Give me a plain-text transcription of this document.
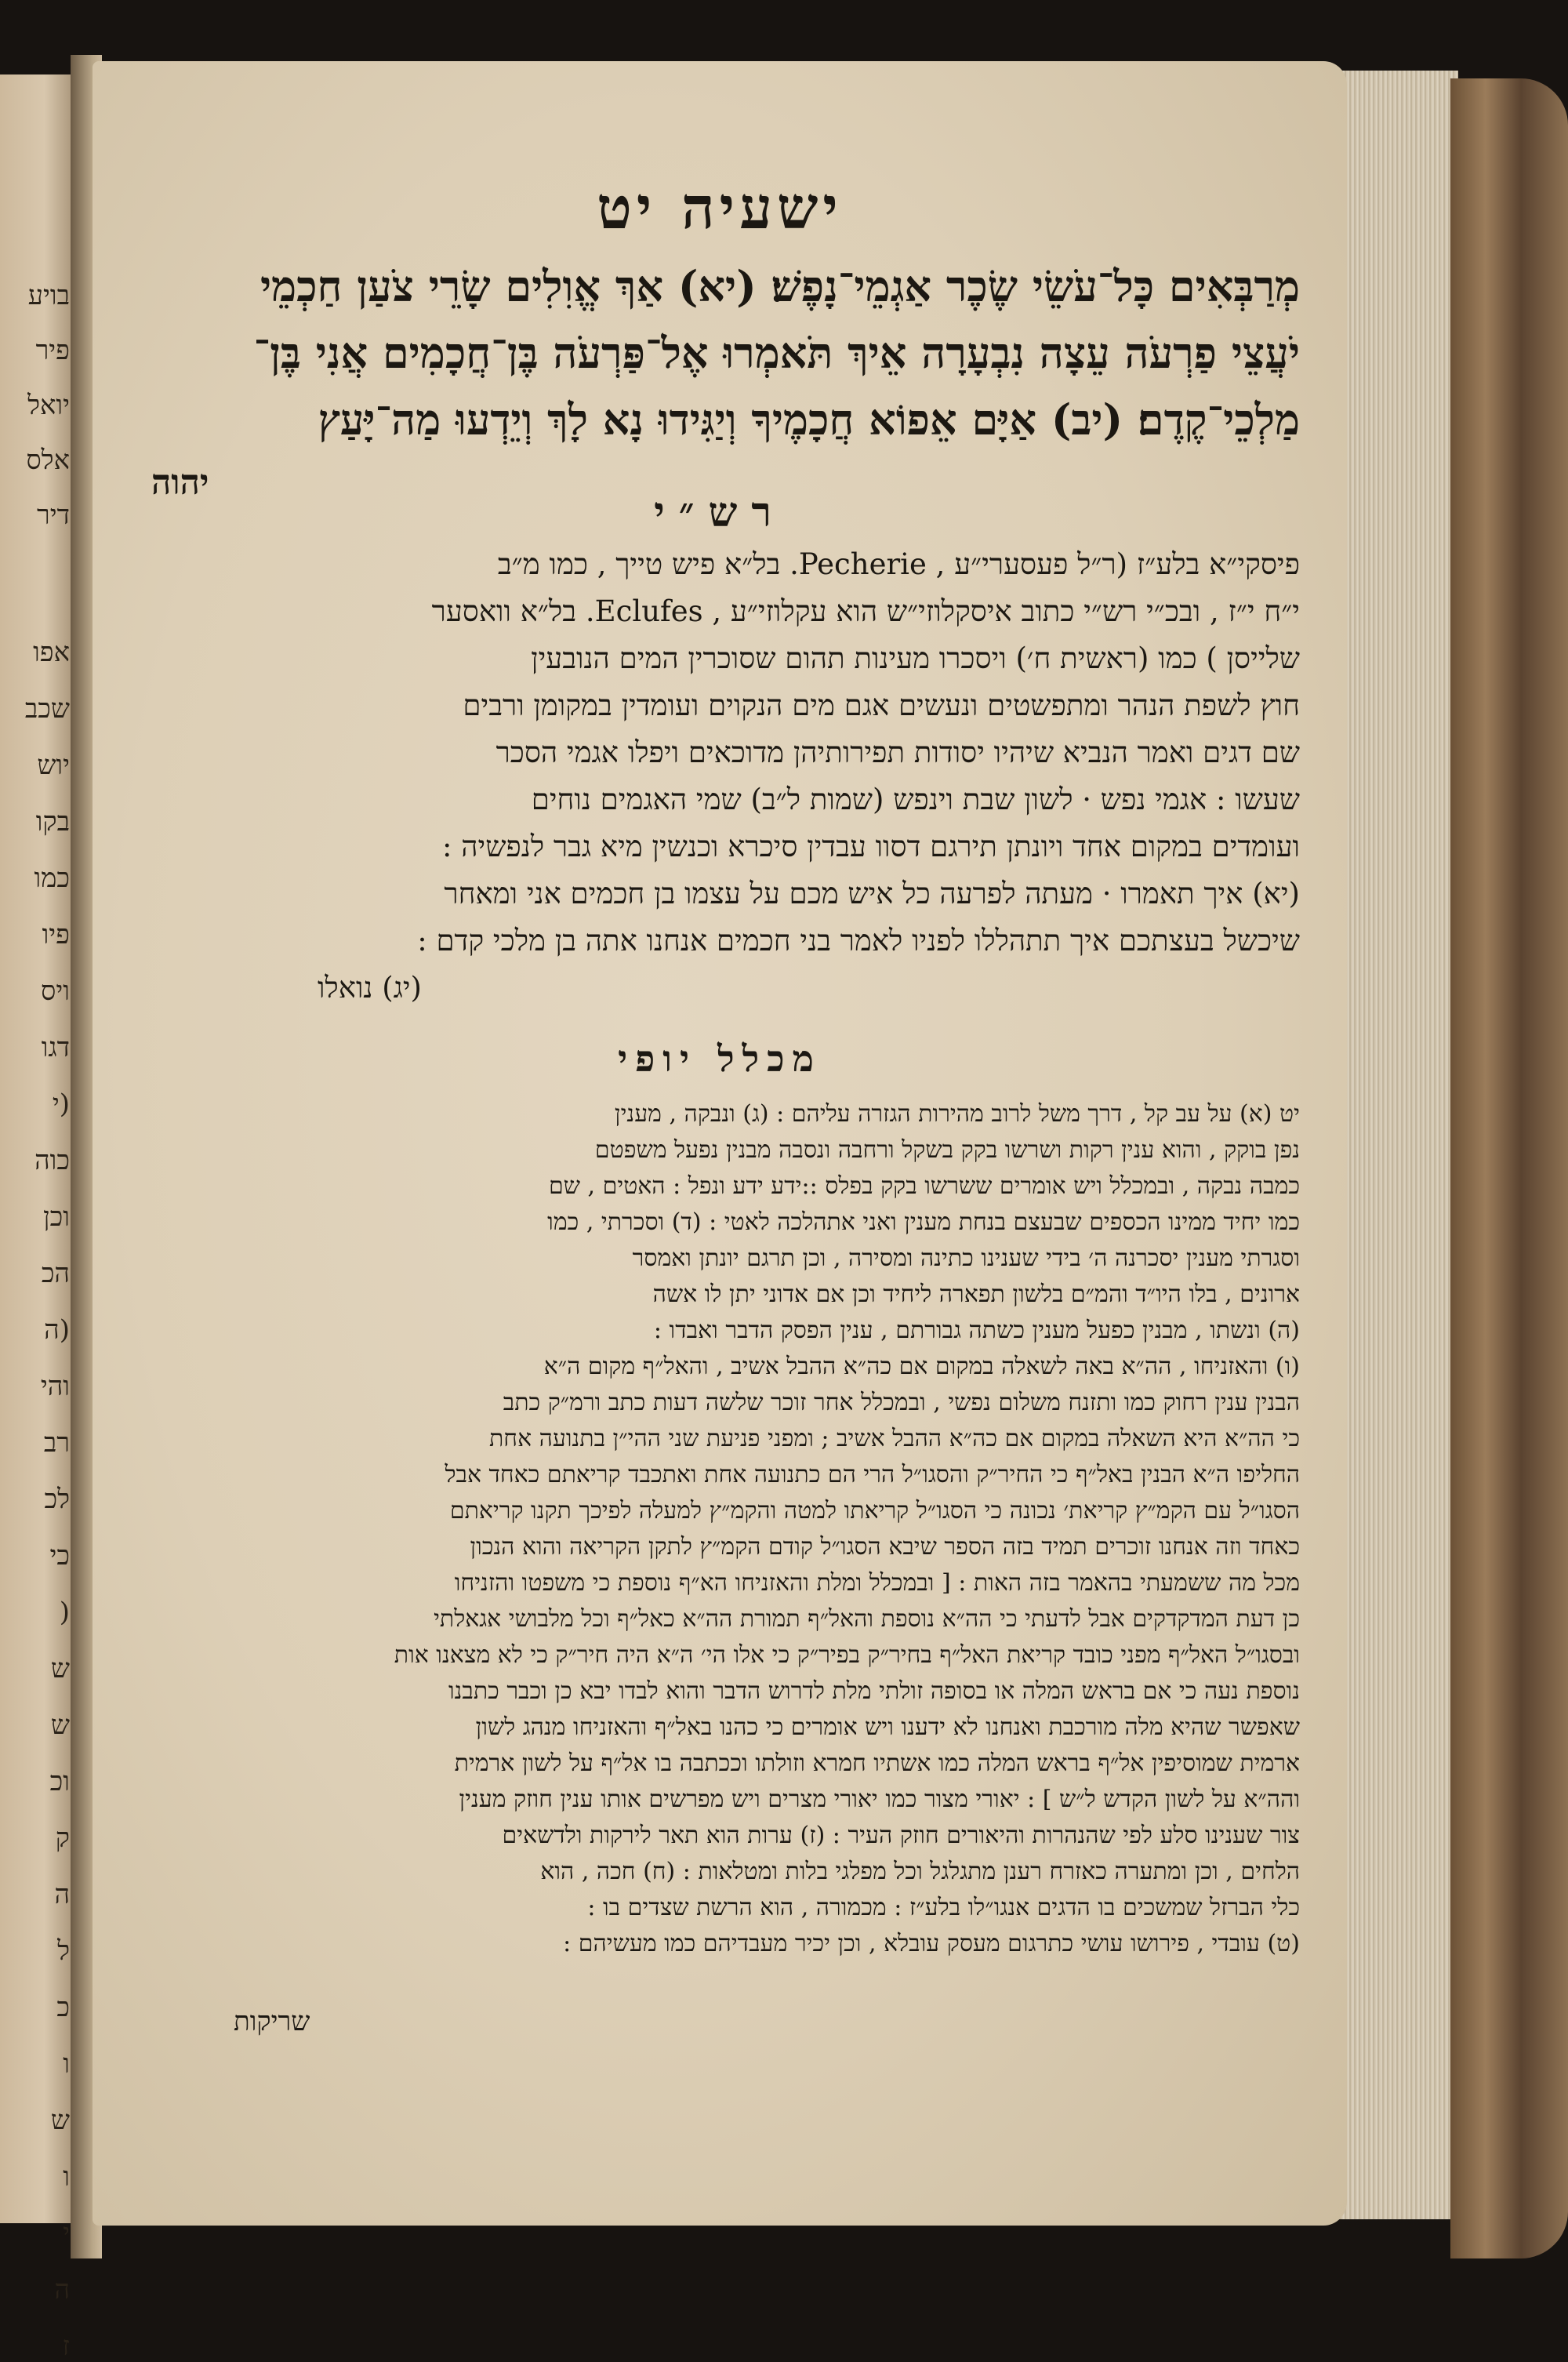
בויע
פיר
יואל
אלס
דיר
אפו
שכב
יוש
בקו
כמו
פיו
ויס
דגו
(י
כוה
וכן
הכ
(ה
והי
רב
לכ
כי
(
ש
ש
וכ
ק
ה
ל
כ
ו
ש
ו
י
ה
ז
ישעיה יט
מְרַבְּאִים כָּל־עֹשֵׂי שֶׂכֶר אַגְמֵי־נָפֶשׁ׃ (יא) אַךְ אֱוִלִים שָׂרֵי צֹעַן חַכְמֵי
יֹעֲצֵי פַרְעֹה עֵצָה נִבְעָרָה אֵיךְ תֹּאמְרוּ אֶל־פַּרְעֹה בֶּן־חֲכָמִים אֲנִי בֶּן־
מַלְכֵי־קֶדֶם׃ (יב) אַיָּם אֵפוֹא חֲכָמֶיךָ וְיַגִּידוּ נָא לָךְ וְיֵדְעוּ מַה־יָּעַץ
יהוה
רש״י
פיסקי״א בלע״ז (ר״ל פעסערי״ע , Pecherie. בל״א פיש טייך , כמו מ״ב
י״ח י״ז , ובכ״י רש״י כתוב איסקלוזי״ש הוא עקלוזי״ע , Eclufes. בל״א וואסער
שלייסן ) כמו (ראשית ח׳) ויסכרו מעינות תהום שסוכרין המים הנובעין
חוץ לשפת הנהר ומתפשטים ונעשים אגם מים הנקוים ועומדין במקומן ורבים
שם דגים ואמר הנביא שיהיו יסודות תפירותיהן מדוכאים ויפלו אגמי הסכר
שעשו : אגמי נפש · לשון שבת וינפש (שמות ל״ב) שמי האגמים נוחים
ועומדים במקום אחד ויונתן תירגם דסוו עבדין סיכרא וכנשין מיא גבר לנפשיה :
(יא) איך תאמרו · מעתה לפרעה כל איש מכם על עצמו בן חכמים אני ומאחר
שיכשל בעצתכם איך תתהללו לפניו לאמר בני חכמים אנחנו אתה בן מלכי קדם :
(יג) נואלו
מכלל יופי
יט (א) על עב קל , דרך משל לרוב מהירות הגזרה עליהם : (ג) ונבקה , מענין
נפן בוקק , והוא ענין רקות ושרשו בקק בשקל ורחבה ונסבה מבנין נפעל משפטם
כמבה נבקה , ובמכלל ויש אומרים ששרשו בקק בפלס ::ידע ידע ונפל : האטים , שם
כמו יחיד ממינו הכספים שבעצם בנחת מענין ואני אתהלכה לאטי : (ד) וסכרתי , כמו
וסגרתי מענין יסכרנה ה׳ בידי שענינו כתינה ומסירה , וכן תרגם יונתן ואמסר
ארונים , בלו היו״ד והמ״ם בלשון תפארה ליחיד וכן אם אדוני יתן לו אשה
(ה) ונשתו , מבנין כפעל מענין כשתה גבורתם , ענין הפסק הדבר ואבדו :
(ו) והאזניחו , הה״א באה לשאלה במקום אם כה״א ההבל אשיב , והאל״ף מקום ה״א
הבנין ענין רחוק כמו ותזנח משלום נפשי , ובמכלל אחר זוכר שלשה דעות כתב ורמ״ק כתב
כי הה״א היא השאלה במקום אם כה״א ההבל אשיב ; ומפני פניעת שני ההי״ן בתנועה אחת
החליפו ה״א הבנין באל״ף כי החיר״ק והסגו״ל הרי הם כתנועה אחת ואתכבד קריאתם כאחד אבל
הסגו״ל עם הקמ״ץ קריאת׳ נכונה כי הסגו״ל קריאתו למטה והקמ״ץ למעלה לפיכך תקנו קריאתם
כאחד וזה אנחנו זוכרים תמיד בזה הספר שיבא הסגו״ל קודם הקמ״ץ לתקן הקריאה והוא הנכון
מכל מה ששמעתי בהאמר בזה האות : [ ובמכלל ומלת והאזניחו הא״ף נוספת כי משפטו והזניחו
כן דעת המדקדקים אבל לדעתי כי הה״א נוספת והאל״ף תמורת הה״א כאל״ף וכל מלבושי אגאלתי
ובסגו״ל האל״ף מפני כובד קריאת האל״ף בחיר״ק בפיר״ק כי אלו הי׳ ה״א היה חיר״ק כי לא מצאנו אות
נוספת נעה כי אם בראש המלה או בסופה זולתי מלת לדרוש הדבר והוא לבדו יבא כן וכבר כתבנו
שאפשר שהיא מלה מורכבת ואנחנו לא ידענו ויש אומרים כי כהנו באל״ף והאזניחו מנהג לשון
ארמית שמוסיפין אל״ף בראש המלה כמו אשתיו חמרא וזולתו וככתבה בו אל״ף על לשון ארמית
והה״א על לשון הקדש ל״ש ] : יאורי מצור כמו יאורי מצרים ויש מפרשים אותו ענין חוזק מענין
צור שענינו סלע לפי שהנהרות והיאורים חוזק העיר : (ז) ערות הוא תאר לירקות ולדשאים
הלחים , וכן ומתערה כאזרח רענן מתגלגל וכל מפלגי בלות ומטלאות : (ח) חכה , הוא
כלי הברזל שמשכים בו הדגים אנגו״לו בלע״ז : מכמורה , הוא הרשת שצדים בו :
(ט) עובדי , פירושו עושי כתרגום מעסק עובלא , וכן יכיר מעבדיהם כמו מעשיהם :
שריקות
